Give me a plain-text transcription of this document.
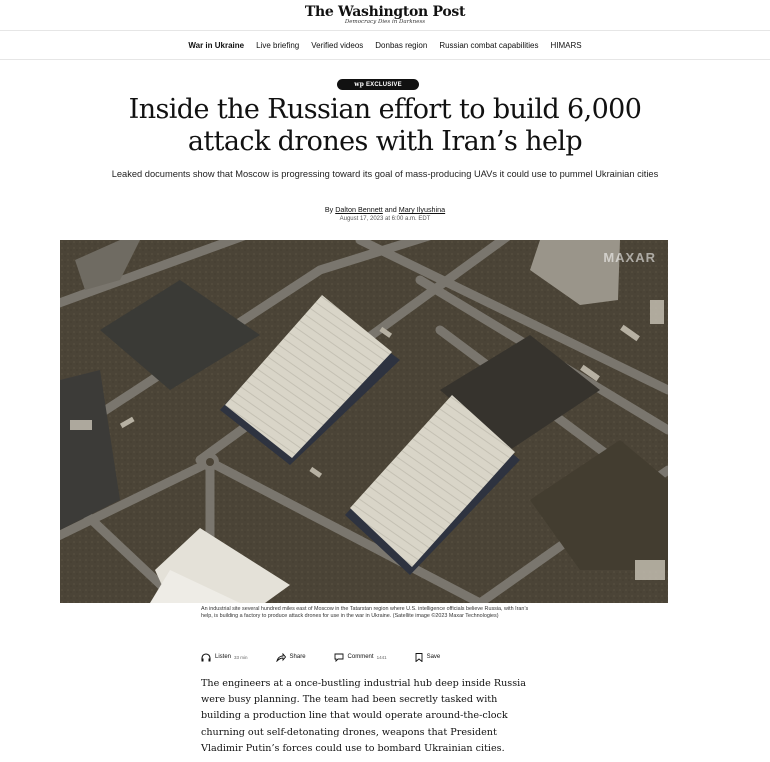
The Washington Post
Democracy Dies in Darkness
War in Ukraine Live briefing Verified videos Donbas region Russian combat capabilities HIMARS
wp EXCLUSIVE
Inside the Russian effort to build 6,000 attack drones with Iran’s help
Leaked documents show that Moscow is progressing toward its goal of mass-producing UAVs it could use to pummel Ukrainian cities
By Dalton Bennett and Mary Ilyushina
August 17, 2023 at 6:00 a.m. EDT
MAXAR
An industrial site several hundred miles east of Moscow in the Tatarstan region where U.S. intelligence officials believe Russia, with Iran’s help, is building a factory to produce attack drones for use in the war in Ukraine. (Satellite image ©2023 Maxar Technologies)
Listen 33 min	Share	Comment 1441	Save
The engineers at a once-bustling industrial hub deep inside Russia were busy planning. The team had been secretly tasked with building a production line that would operate around-the-clock churning out self-detonating drones, weapons that President Vladimir Putin’s forces could use to bombard Ukrainian cities.
